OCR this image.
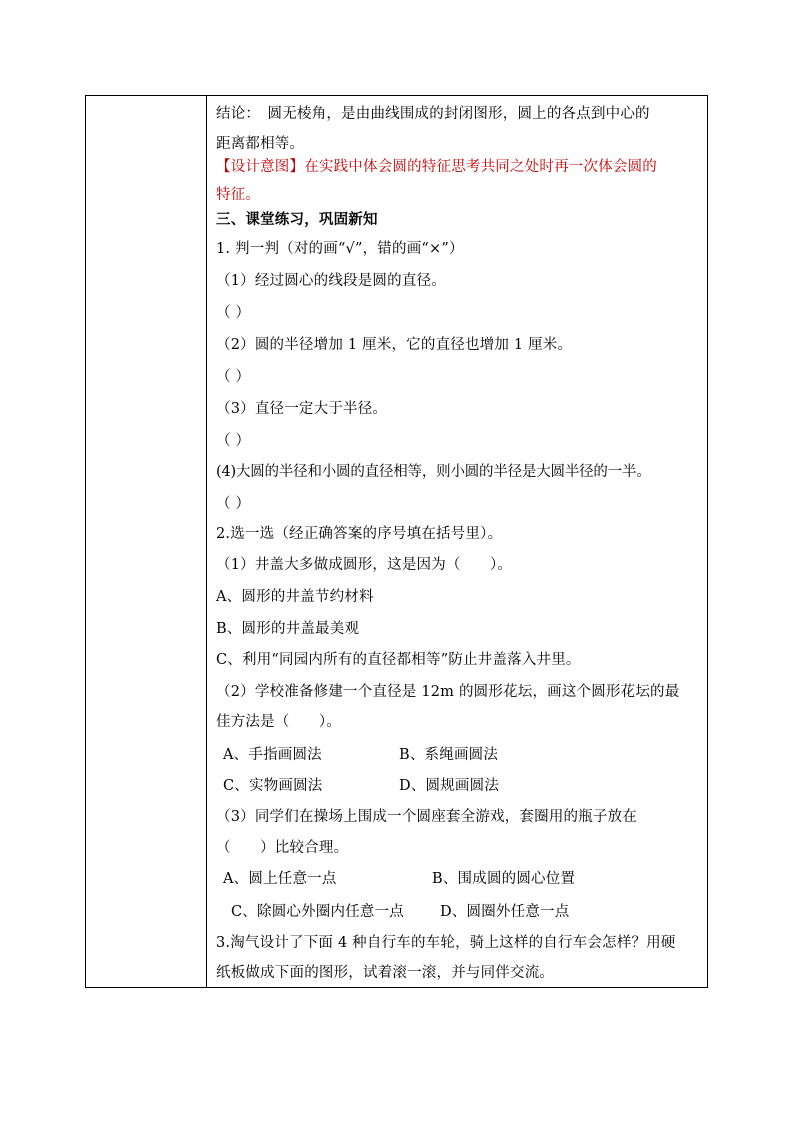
结论：　圆无棱角，是由曲线围成的封闭图形，圆上的各点到中心的
距离都相等。
【设计意图】在实践中体会圆的特征思考共同之处时再一次体会圆的
特征。
三、课堂练习，巩固新知
1. 判一判（对的画“√”，错的画“×”）
（1）经过圆心的线段是圆的直径。
（ ）
（2）圆的半径增加 1 厘米，它的直径也增加 1 厘米。
（ ）
（3）直径一定大于半径。
（ ）
(4)大圆的半径和小圆的直径相等，则小圆的半径是大圆半径的一半。
（ ）
2.选一选（经正确答案的序号填在括号里）。
（1）井盖大多做成圆形，这是因为（　　）。
A、圆形的井盖节约材料
B、圆形的井盖最美观
C、利用“同园内所有的直径都相等”防止井盖落入井里。
（2）学校准备修建一个直径是 12m 的圆形花坛，画这个圆形花坛的最
佳方法是（　　）。
A、手指画圆法	B、系绳画圆法
C、实物画圆法	D、圆规画圆法
（3）同学们在操场上围成一个圆座套全游戏，套圈用的瓶子放在
（　　）比较合理。
A、圆上任意一点	B、围成圆的圆心位置
C、除圆心外圈内任意一点 D、圆圈外任意一点
3.淘气设计了下面 4 种自行车的车轮，骑上这样的自行车会怎样？用硬
纸板做成下面的图形，试着滚一滚，并与同伴交流。
